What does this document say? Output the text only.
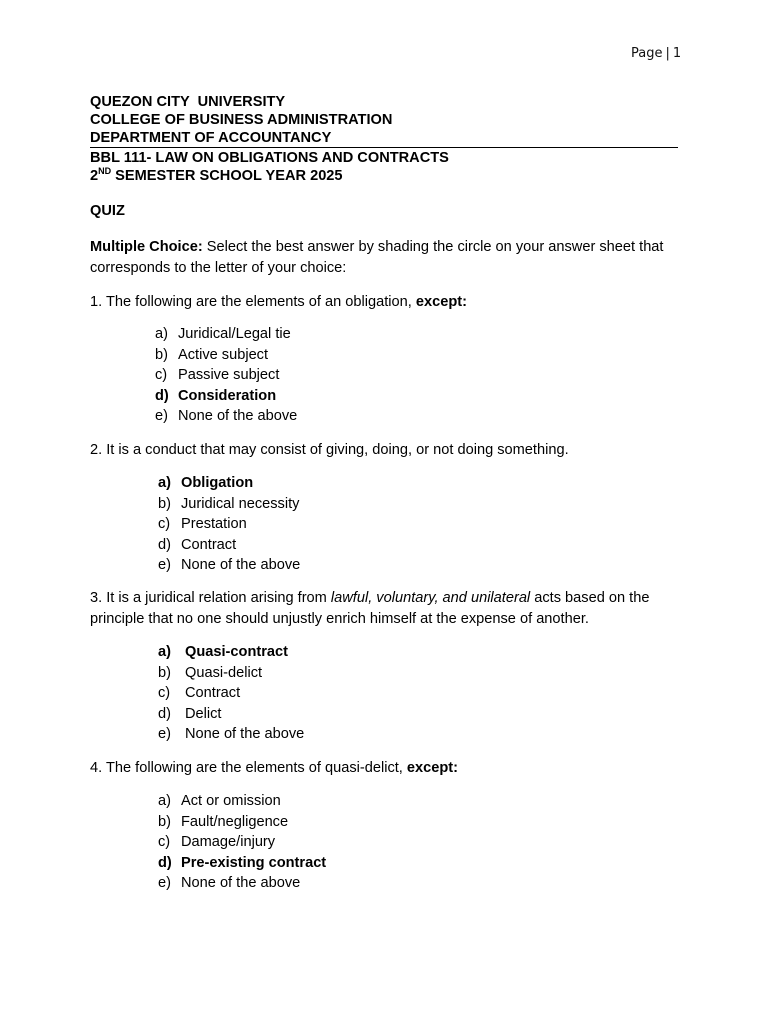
Page | 1
QUEZON CITY  UNIVERSITY
COLLEGE OF BUSINESS ADMINISTRATION
DEPARTMENT OF ACCOUNTANCY
BBL 111- LAW ON OBLIGATIONS AND CONTRACTS
2ND SEMESTER SCHOOL YEAR 2025
QUIZ
Multiple Choice: Select the best answer by shading the circle on your answer sheet that corresponds to the letter of your choice:
1. The following are the elements of an obligation, except:
a) Juridical/Legal tie
b) Active subject
c) Passive subject
d) Consideration
e) None of the above
2. It is a conduct that may consist of giving, doing, or not doing something.
a) Obligation
b) Juridical necessity
c) Prestation
d) Contract
e) None of the above
3. It is a juridical relation arising from lawful, voluntary, and unilateral acts based on the principle that no one should unjustly enrich himself at the expense of another.
a) Quasi-contract
b) Quasi-delict
c) Contract
d) Delict
e) None of the above
4. The following are the elements of quasi-delict, except:
a) Act or omission
b) Fault/negligence
c) Damage/injury
d) Pre-existing contract
e) None of the above
